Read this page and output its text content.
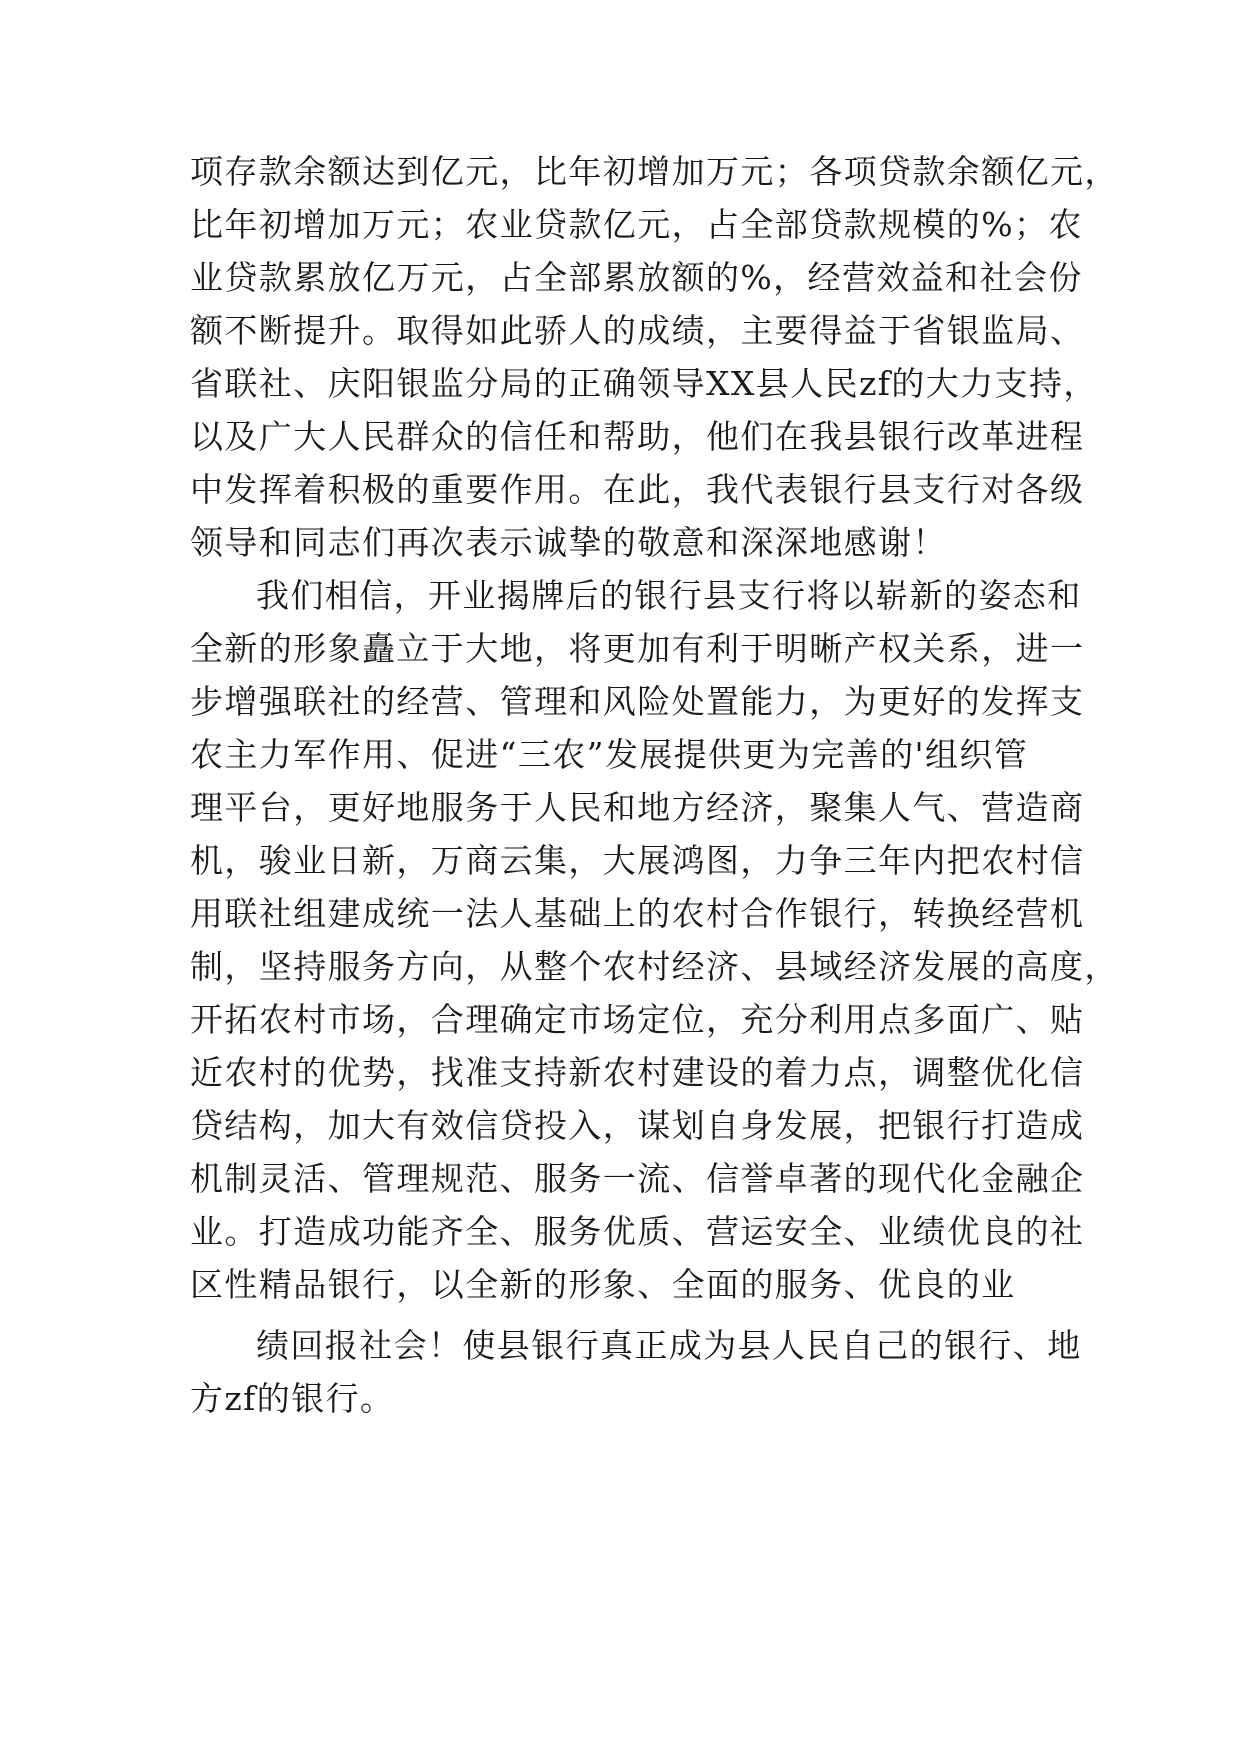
项存款余额达到亿元，比年初增加万元；各项贷款余额亿元，
比年初增加万元；农业贷款亿元，占全部贷款规模的%；农
业贷款累放亿万元，占全部累放额的%，经营效益和社会份
额不断提升。取得如此骄人的成绩，主要得益于省银监局、
省联社、庆阳银监分局的正确领导XX县人民zf的大力支持，
以及广大人民群众的信任和帮助，他们在我县银行改革进程
中发挥着积极的重要作用。在此，我代表银行县支行对各级
领导和同志们再次表示诚挚的敬意和深深地感谢！
我们相信，开业揭牌后的银行县支行将以崭新的姿态和
全新的形象矗立于大地，将更加有利于明晰产权关系，进一
步增强联社的经营、管理和风险处置能力，为更好的发挥支
农主力军作用、促进“三农”发展提供更为完善的'组织管
理平台，更好地服务于人民和地方经济，聚集人气、营造商
机，骏业日新，万商云集，大展鸿图，力争三年内把农村信
用联社组建成统一法人基础上的农村合作银行，转换经营机
制，坚持服务方向，从整个农村经济、县域经济发展的高度，
开拓农村市场，合理确定市场定位，充分利用点多面广、贴
近农村的优势，找准支持新农村建设的着力点，调整优化信
贷结构，加大有效信贷投入，谋划自身发展，把银行打造成
机制灵活、管理规范、服务一流、信誉卓著的现代化金融企
业。打造成功能齐全、服务优质、营运安全、业绩优良的社
区性精品银行，以全新的形象、全面的服务、优良的业
绩回报社会！使县银行真正成为县人民自己的银行、地
方zf的银行。
